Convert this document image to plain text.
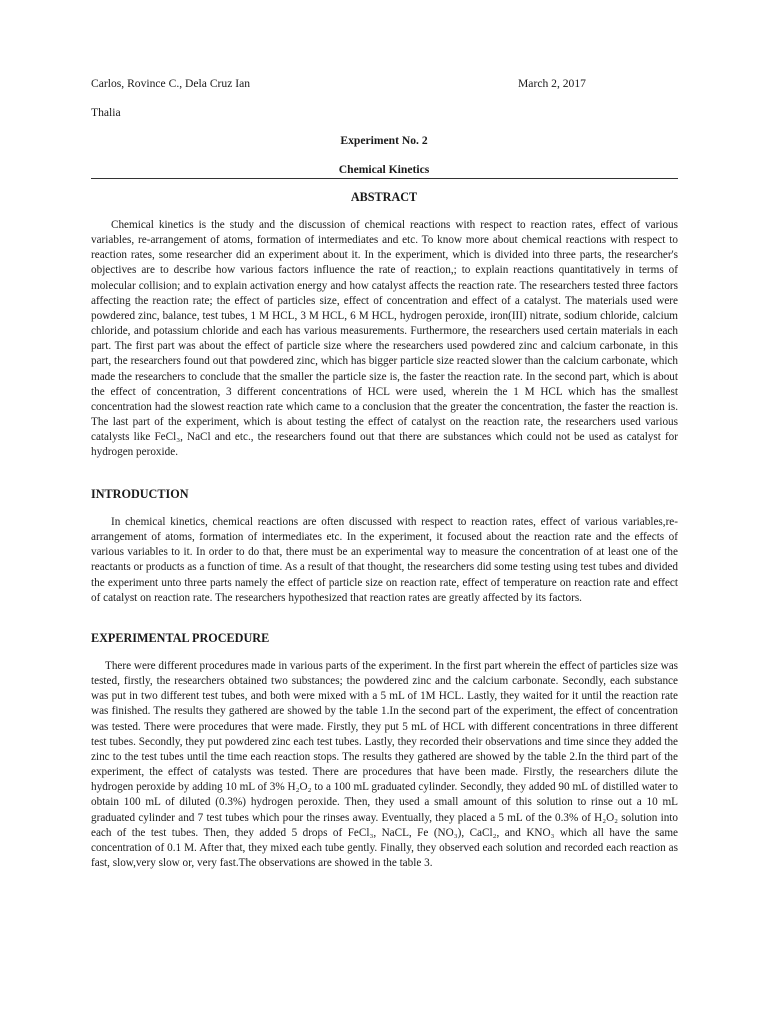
Carlos, Rovince C., Dela Cruz Ian	March 2, 2017
Thalia
Experiment No. 2
Chemical Kinetics
ABSTRACT

Chemical kinetics is the study and the discussion of chemical reactions with respect to reaction rates, effect of various variables, re-arrangement of atoms, formation of intermediates and etc. To know more about chemical reactions with respect to reaction rates, some researcher did an experiment about it. In the experiment, which is divided into three parts, the researcher's objectives are to describe how various factors influence the rate of reaction,; to explain reactions quantitatively in terms of molecular collision; and to explain activation energy and how catalyst affects the reaction rate. The researchers tested three factors affecting the reaction rate; the effect of particles size, effect of concentration and effect of a catalyst. The materials used were powdered zinc, balance, test tubes, 1 M HCL, 3 M HCL, 6 M HCL, hydrogen peroxide, iron(III) nitrate, sodium chloride, calcium chloride, and potassium chloride and each has various measurements. Furthermore, the researchers used certain materials in each part. The first part was about the effect of particle size where the researchers used powdered zinc and calcium carbonate, in this part, the researchers found out that powdered zinc, which has bigger particle size reacted slower than the calcium carbonate, which made the researchers to conclude that the smaller the particle size is, the faster the reaction rate. In the second part, which is about the effect of concentration, 3 different concentrations of HCL were used, wherein the 1 M HCL which has the smallest concentration had the slowest reaction rate which came to a conclusion that the greater the concentration, the faster the reaction is. The last part of the experiment, which is about testing the effect of catalyst on the reaction rate, the researchers used various catalysts like FeCl₃, NaCl and etc., the researchers found out that there are substances which could not be used as catalyst for hydrogen peroxide.

INTRODUCTION

In chemical kinetics, chemical reactions are often discussed with respect to reaction rates, effect of various variables,re-arrangement of atoms, formation of intermediates etc. In the experiment, it focused about the reaction rate and the effects of various variables to it. In order to do that, there must be an experimental way to measure the concentration of at least one of the reactants or products as a function of time. As a result of that thought, the researchers did some testing using test tubes and divided the experiment unto three parts namely the effect of particle size on reaction rate, effect of temperature on reaction rate and effect of catalyst on reaction rate. The researchers hypothesized that reaction rates are greatly affected by its factors.

EXPERIMENTAL PROCEDURE

There were different procedures made in various parts of the experiment. In the first part wherein the effect of particles size was tested, firstly, the researchers obtained two substances; the powdered zinc and the calcium carbonate. Secondly, each substance was put in two different test tubes, and both were mixed with a 5 mL of 1M HCL. Lastly, they waited for it until the reaction rate was finished. The results they gathered are showed by the table 1.In the second part of the experiment, the effect of concentration was tested. There were procedures that were made. Firstly, they put 5 mL of HCL with different concentrations in three different test tubes. Secondly, they put powdered zinc each test tubes. Lastly, they recorded their observations and time since they added the zinc to the test tubes until the time each reaction stops. The results they gathered are showed by the table 2.In the third part of the experiment, the effect of catalysts was tested. There are procedures that have been made. Firstly, the researchers dilute the hydrogen peroxide by adding 10 mL of 3% H₂O₂ to a 100 mL graduated cylinder. Secondly, they added 90 mL of distilled water to obtain 100 mL of diluted (0.3%) hydrogen peroxide. Then, they used a small amount of this solution to rinse out a 10 mL graduated cylinder and 7 test tubes which pour the rinses away. Eventually, they placed a 5 mL of the 0.3% of H₂O₂ solution into each of the test tubes. Then, they added 5 drops of FeCl₃, NaCL, Fe (NO₃), CaCl₂, and KNO₃ which all have the same concentration of 0.1 M. After that, they mixed each tube gently. Finally, they observed each solution and recorded each reaction as fast, slow,very slow or, very fast.The observations are showed in the table 3.
